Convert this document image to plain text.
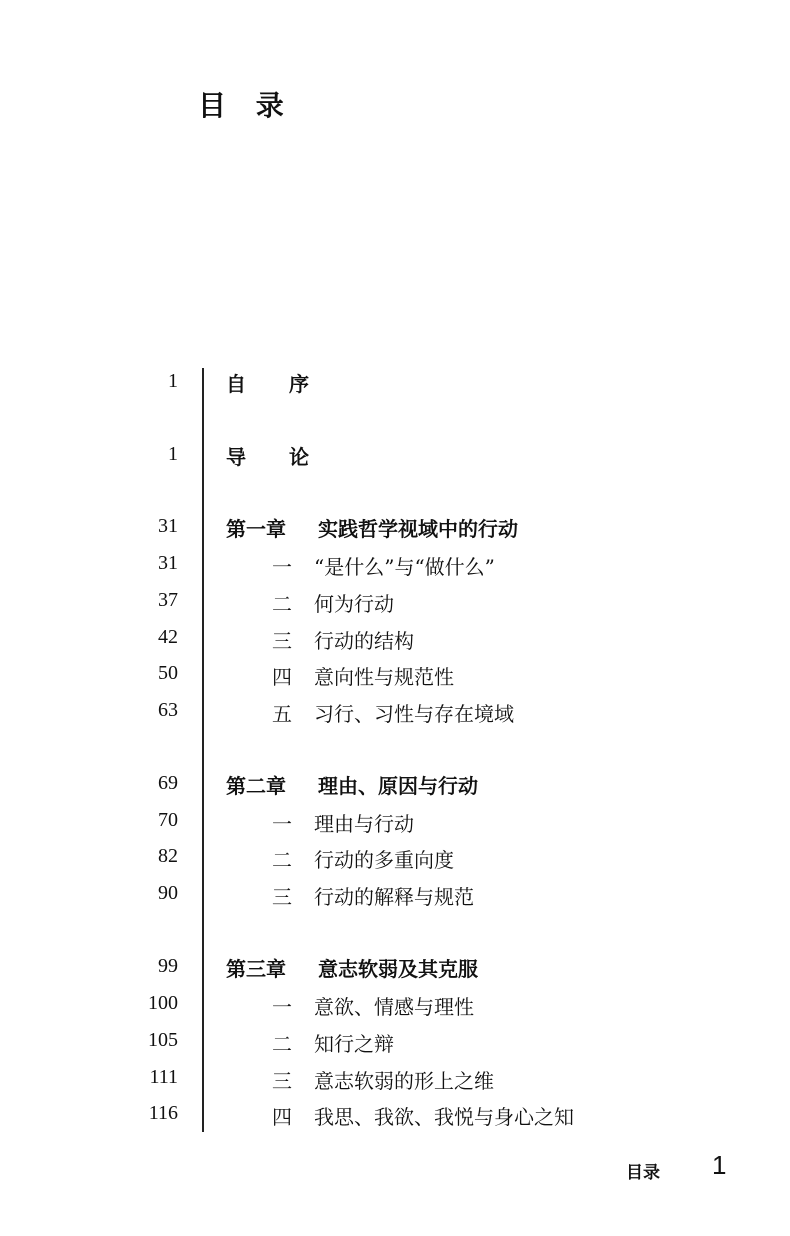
目 录
1 自 序
1 导 论
31 第一章 实践哲学视域中的行动
31	一 “是什么”与“做什么”
37	二 何为行动
42	三 行动的结构
50	四 意向性与规范性
63	五 习行、习性与存在境域
69 第二章 理由、原因与行动
70	一 理由与行动
82	二 行动的多重向度
90	三 行动的解释与规范
99 第三章 意志软弱及其克服
100	一 意欲、情感与理性
105	二 知行之辩
111	三 意志软弱的形上之维
116	四 我思、我欲、我悦与身心之知
目录 1
